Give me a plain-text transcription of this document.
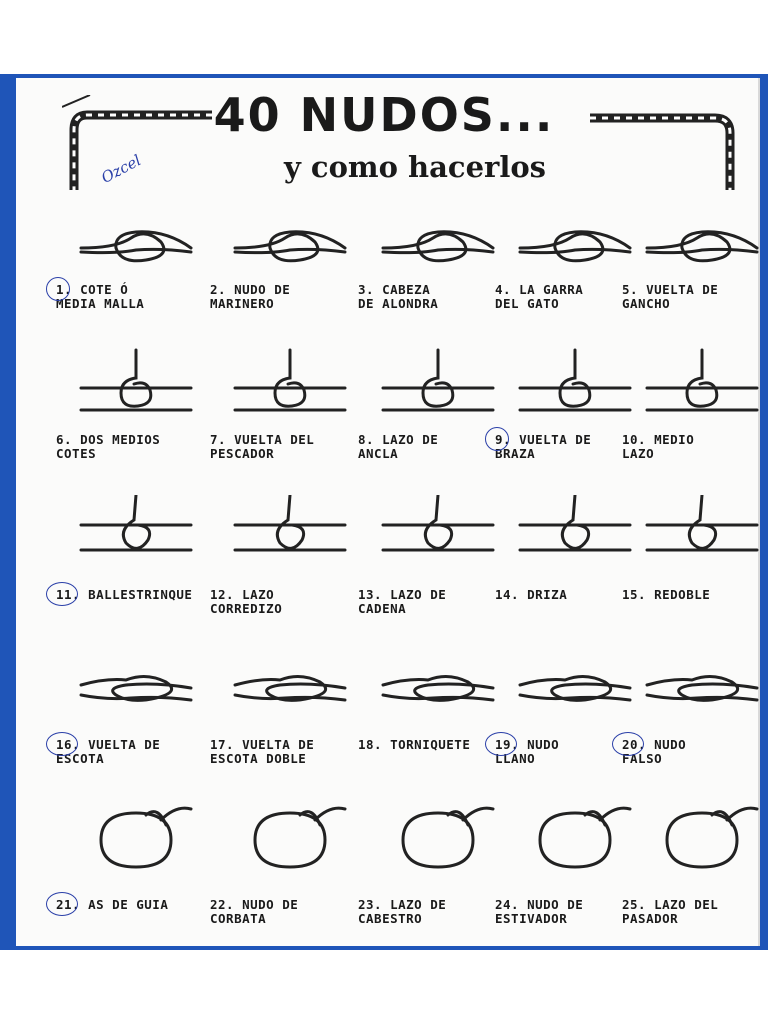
40 NUDOS...
y como hacerlos
Ozcel
1. COTE Ó
MEDIA MALLA
2. NUDO DE
MARINERO
3. CABEZA
DE ALONDRA
4. LA GARRA
DEL GATO
5. VUELTA DE
GANCHO
6. DOS MEDIOS
COTES
7. VUELTA DEL
PESCADOR
8. LAZO DE
ANCLA
9. VUELTA DE
BRAZA
10. MEDIO
LAZO
11. BALLESTRINQUE	12. LAZO
CORREDIZO
13. LAZO DE
CADENA
14. DRIZA	15. REDOBLE
16. VUELTA DE
ESCOTA
17. VUELTA DE
ESCOTA DOBLE
18. TORNIQUETE	19. NUDO
LLANO
20. NUDO
FALSO
21. AS DE GUIA	22. NUDO DE
CORBATA
23. LAZO DE
CABESTRO
24. NUDO DE
ESTIVADOR
25. LAZO DEL
PASADOR
